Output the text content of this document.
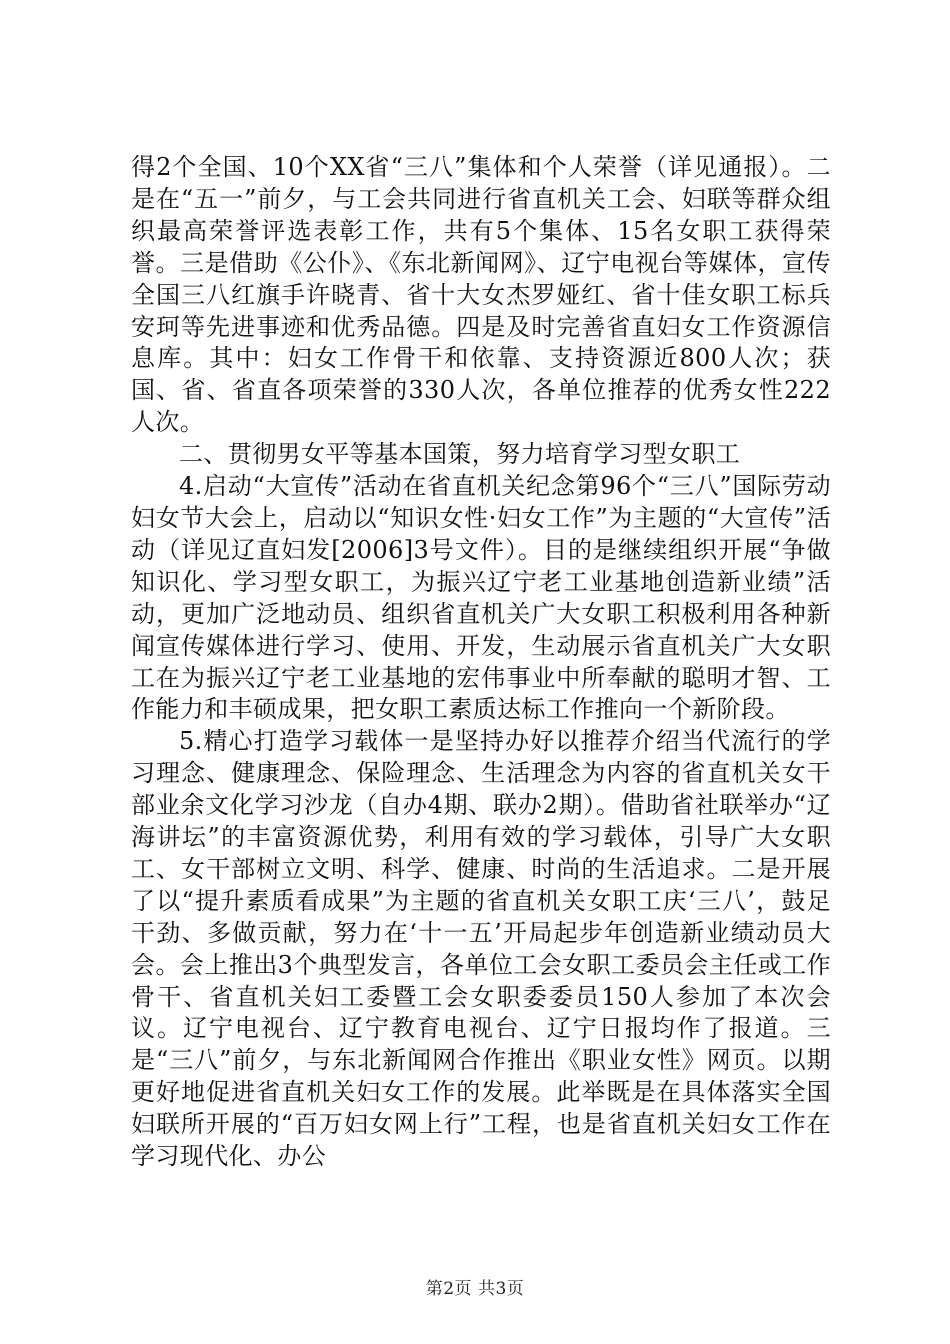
得2个全国、10个XX省“三八”集体和个人荣誉（详见通报）。二是在“五一”前夕，与工会共同进行省直机关工会、妇联等群众组织最高荣誉评选表彰工作，共有5个集体、15名女职工获得荣誉。三是借助《公仆》、《东北新闻网》、辽宁电视台等媒体，宣传全国三八红旗手许晓青、省十大女杰罗娅红、省十佳女职工标兵安珂等先进事迹和优秀品德。四是及时完善省直妇女工作资源信息库。其中：妇女工作骨干和依靠、支持资源近800人次；获国、省、省直各项荣誉的330人次，各单位推荐的优秀女性222人次。

二、贯彻男女平等基本国策，努力培育学习型女职工

4.启动“大宣传”活动在省直机关纪念第96个“三八”国际劳动妇女节大会上，启动以“知识女性·妇女工作”为主题的“大宣传”活动（详见辽直妇发[2006]3号文件）。目的是继续组织开展“争做知识化、学习型女职工，为振兴辽宁老工业基地创造新业绩”活动，更加广泛地动员、组织省直机关广大女职工积极利用各种新闻宣传媒体进行学习、使用、开发，生动展示省直机关广大女职工在为振兴辽宁老工业基地的宏伟事业中所奉献的聪明才智、工作能力和丰硕成果，把女职工素质达标工作推向一个新阶段。

5.精心打造学习载体一是坚持办好以推荐介绍当代流行的学习理念、健康理念、保险理念、生活理念为内容的省直机关女干部业余文化学习沙龙（自办4期、联办2期）。借助省社联举办“辽海讲坛”的丰富资源优势，利用有效的学习载体，引导广大女职工、女干部树立文明、科学、健康、时尚的生活追求。二是开展了以“提升素质看成果”为主题的省直机关女职工庆‘三八’，鼓足干劲、多做贡献，努力在‘十一五’开局起步年创造新业绩动员大会。会上推出3个典型发言，各单位工会女职工委员会主任或工作骨干、省直机关妇工委暨工会女职委委员150人参加了本次会议。辽宁电视台、辽宁教育电视台、辽宁日报均作了报道。三是“三八”前夕，与东北新闻网合作推出《职业女性》网页。以期更好地促进省直机关妇女工作的发展。此举既是在具体落实全国妇联所开展的“百万妇女网上行”工程，也是省直机关妇女工作在学习现代化、办公

第2页 共3页
